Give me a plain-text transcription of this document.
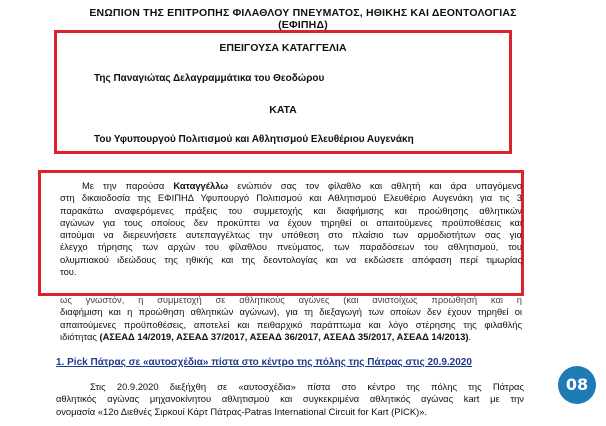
ΕΝΩΠΙΟΝ ΤΗΣ ΕΠΙΤΡΟΠΗΣ ΦΙΛΑΘΛΟΥ ΠΝΕΥΜΑΤΟΣ, ΗΘΙΚΗΣ ΚΑΙ ΔΕΟΝΤΟΛΟΓΙΑΣ
(ΕΦΙΠΗΔ)
ΕΠΕΙΓΟΥΣΑ ΚΑΤΑΓΓΕΛΙΑ
Της Παναγιώτας Δελαγραμμάτικα του Θεοδώρου
ΚΑΤΑ
Του Υφυπουργού Πολιτισμού και Αθλητισμού Ελευθέριου Αυγενάκη
Με την παρούσα Καταγγέλλω ενώπιόν σας τον φίλαθλο και αθλητή και άρα υπαγόμενο
στη δικαιοδοσία της ΕΦΙΠΗΔ Υφυπουργό Πολιτισμού και Αθλητισμού Ελευθέριο Αυγενάκη για τις 3
παρακάτω αναφερόμενες πράξεις του συμμετοχής και διαφήμισης και προώθησης αθλητικών
αγώνων για τους οποίους δεν προκύπτει να έχουν τηρηθεί οι απαιτούμενες προϋποθέσεις και
αιτούμαι να διερευνήσετε αυτεπαγγέλτως την υπόθεση στο πλαίσιο των αρμοδιοτήτων σας για
έλεγχο τήρησης των αρχών του φίλαθλου πνεύματος, των παραδόσεων του αθλητισμού, του
ολυμπιακού ιδεώδους της ηθικής και της δεοντολογίας και να εκδώσετε απόφαση περί τιμωρίας
του.
ως γνωστόν, η συμμετοχή σε αθλητικούς αγώνες (και ανιστοίχως προώθησή και η
διαφήμιση και η προώθηση αθλητικών αγώνων), για τη διεξαγωγή των οποίων δεν έχουν τηρηθεί οι
απαιτούμενες προϋποθέσεις, αποτελεί και πειθαρχικό παράπτωμα και λόγο στέρησης της φιλαθλής
ιδιότητας (ΑΣΕΑΔ 14/2019, ΑΣΕΑΔ 37/2017, ΑΣΕΑΔ 36/2017, ΑΣΕΑΔ 35/2017, ΑΣΕΑΔ 14/2013).
1. Pick Πάτρας σε «αυτοσχέδια» πίστα στο κέντρο της πόλης της Πάτρας στις 20.9.2020
Στις 20.9.2020 διεξήχθη σε «αυτοσχέδια» πίστα στο κέντρο της πόλης της Πάτρας
αθλητικός αγώνας μηχανοκίνητου αθλητισμού και συγκεκριμένα αθλητικός αγώνας kart με την
ονομασία «12ο Διεθνές Σιρκουί Κάρτ Πάτρας-Patras International Circuit for Kart (PICK)».
08
